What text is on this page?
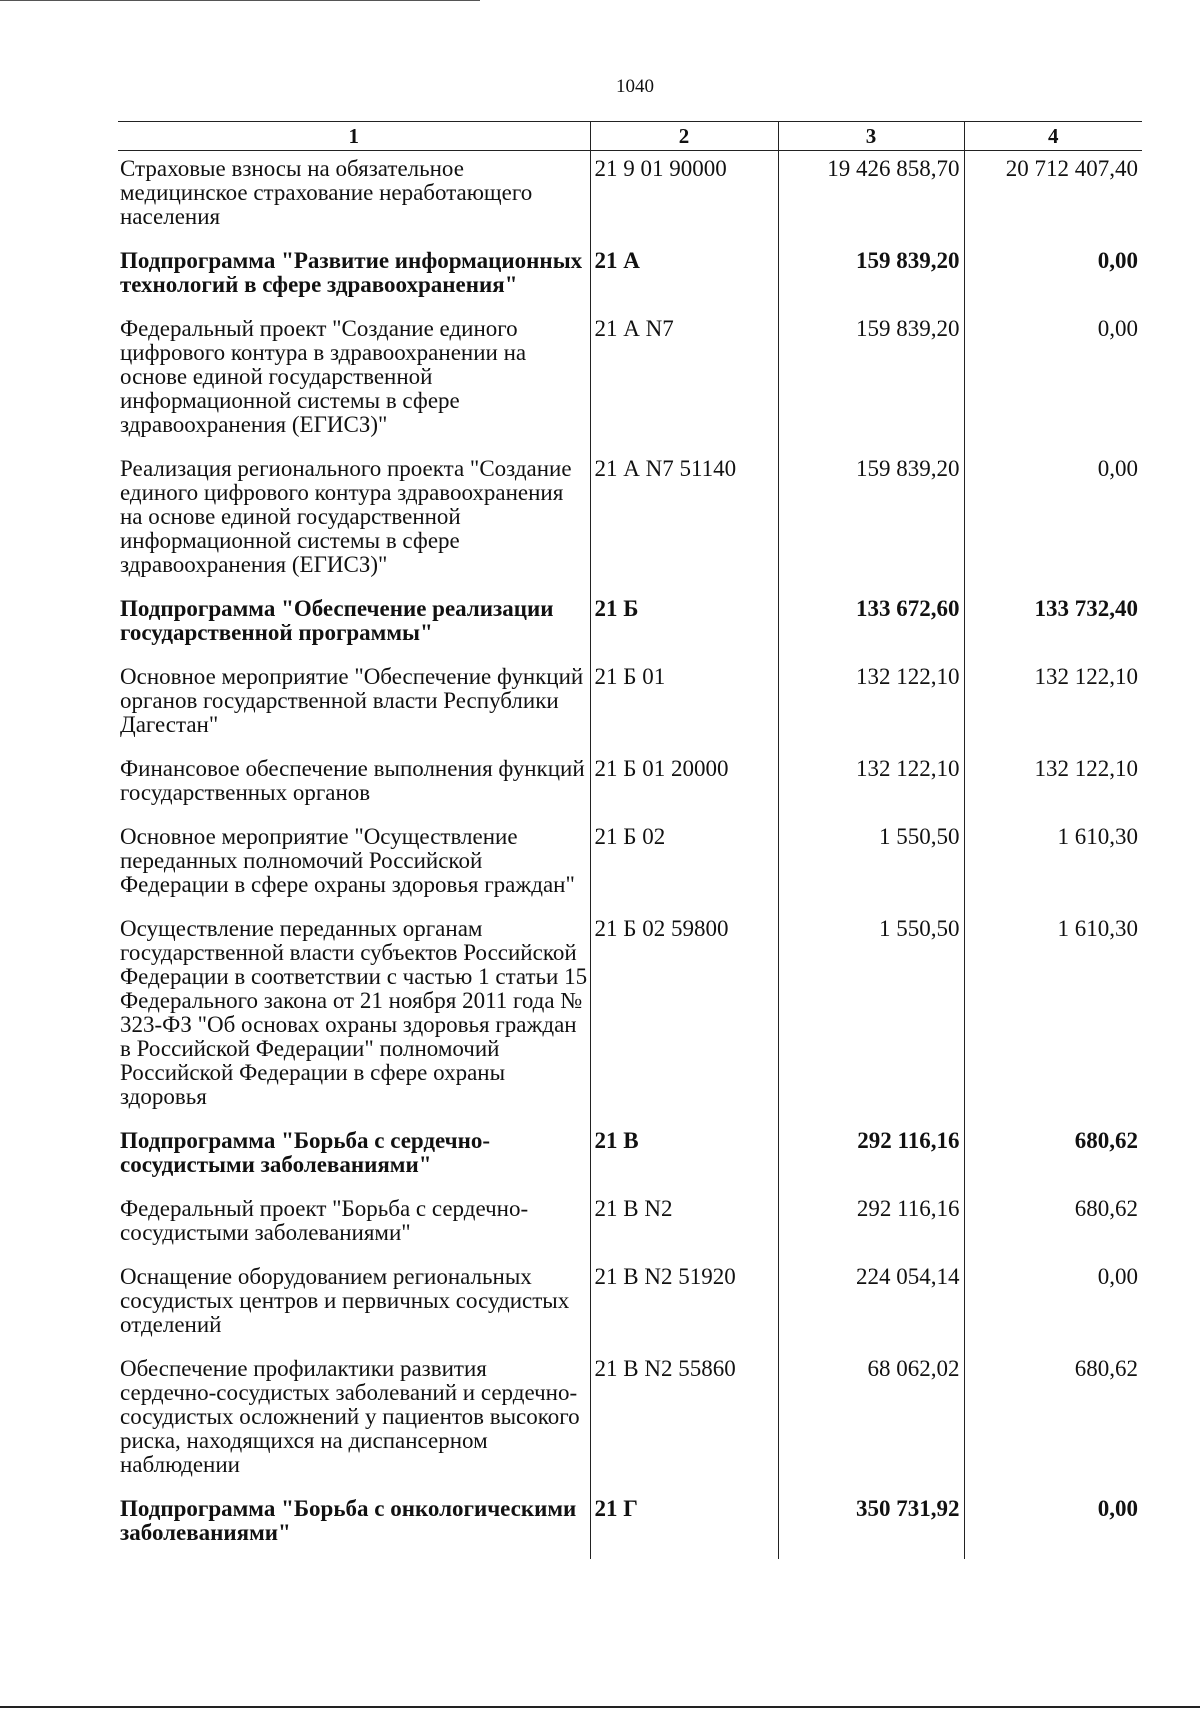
1040
1	2	3	4
Страховые взносы на обязательное медицинское страхование неработающего населения	21 9 01 90000	19 426 858,70	20 712 407,40
Подпрограмма "Развитие информационных технологий в сфере здравоохранения"	21 А	159 839,20	0,00
Федеральный проект "Создание единого цифрового контура в здравоохранении на основе единой государственной информационной системы в сфере здравоохранения (ЕГИСЗ)"	21 А N7	159 839,20	0,00
Реализация регионального проекта "Создание единого цифрового контура здравоохранения на основе единой государственной информационной системы в сфере здравоохранения (ЕГИСЗ)"	21 А N7 51140	159 839,20	0,00
Подпрограмма "Обеспечение реализации государственной программы"	21 Б	133 672,60	133 732,40
Основное мероприятие "Обеспечение функций органов государственной власти Республики Дагестан"	21 Б 01	132 122,10	132 122,10
Финансовое обеспечение выполнения функций государственных органов	21 Б 01 20000	132 122,10	132 122,10
Основное мероприятие "Осуществление переданных полномочий Российской Федерации в сфере охраны здоровья граждан"	21 Б 02	1 550,50	1 610,30
Осуществление переданных органам государственной власти субъектов Российской Федерации в соответствии с частью 1 статьи 15 Федерального закона от 21 ноября 2011 года № 323-ФЗ "Об основах охраны здоровья граждан в Российской Федерации" полномочий Российской Федерации в сфере охраны здоровья	21 Б 02 59800	1 550,50	1 610,30
Подпрограмма "Борьба с сердечно-сосудистыми заболеваниями"	21 В	292 116,16	680,62
Федеральный проект "Борьба с сердечно-сосудистыми заболеваниями"	21 В N2	292 116,16	680,62
Оснащение оборудованием региональных сосудистых центров и первичных сосудистых отделений	21 В N2 51920	224 054,14	0,00
Обеспечение профилактики развития сердечно-сосудистых заболеваний и сердечно-сосудистых осложнений у пациентов высокого риска, находящихся на диспансерном наблюдении	21 В N2 55860	68 062,02	680,62
Подпрограмма "Борьба с онкологическими заболеваниями"	21 Г	350 731,92	0,00
